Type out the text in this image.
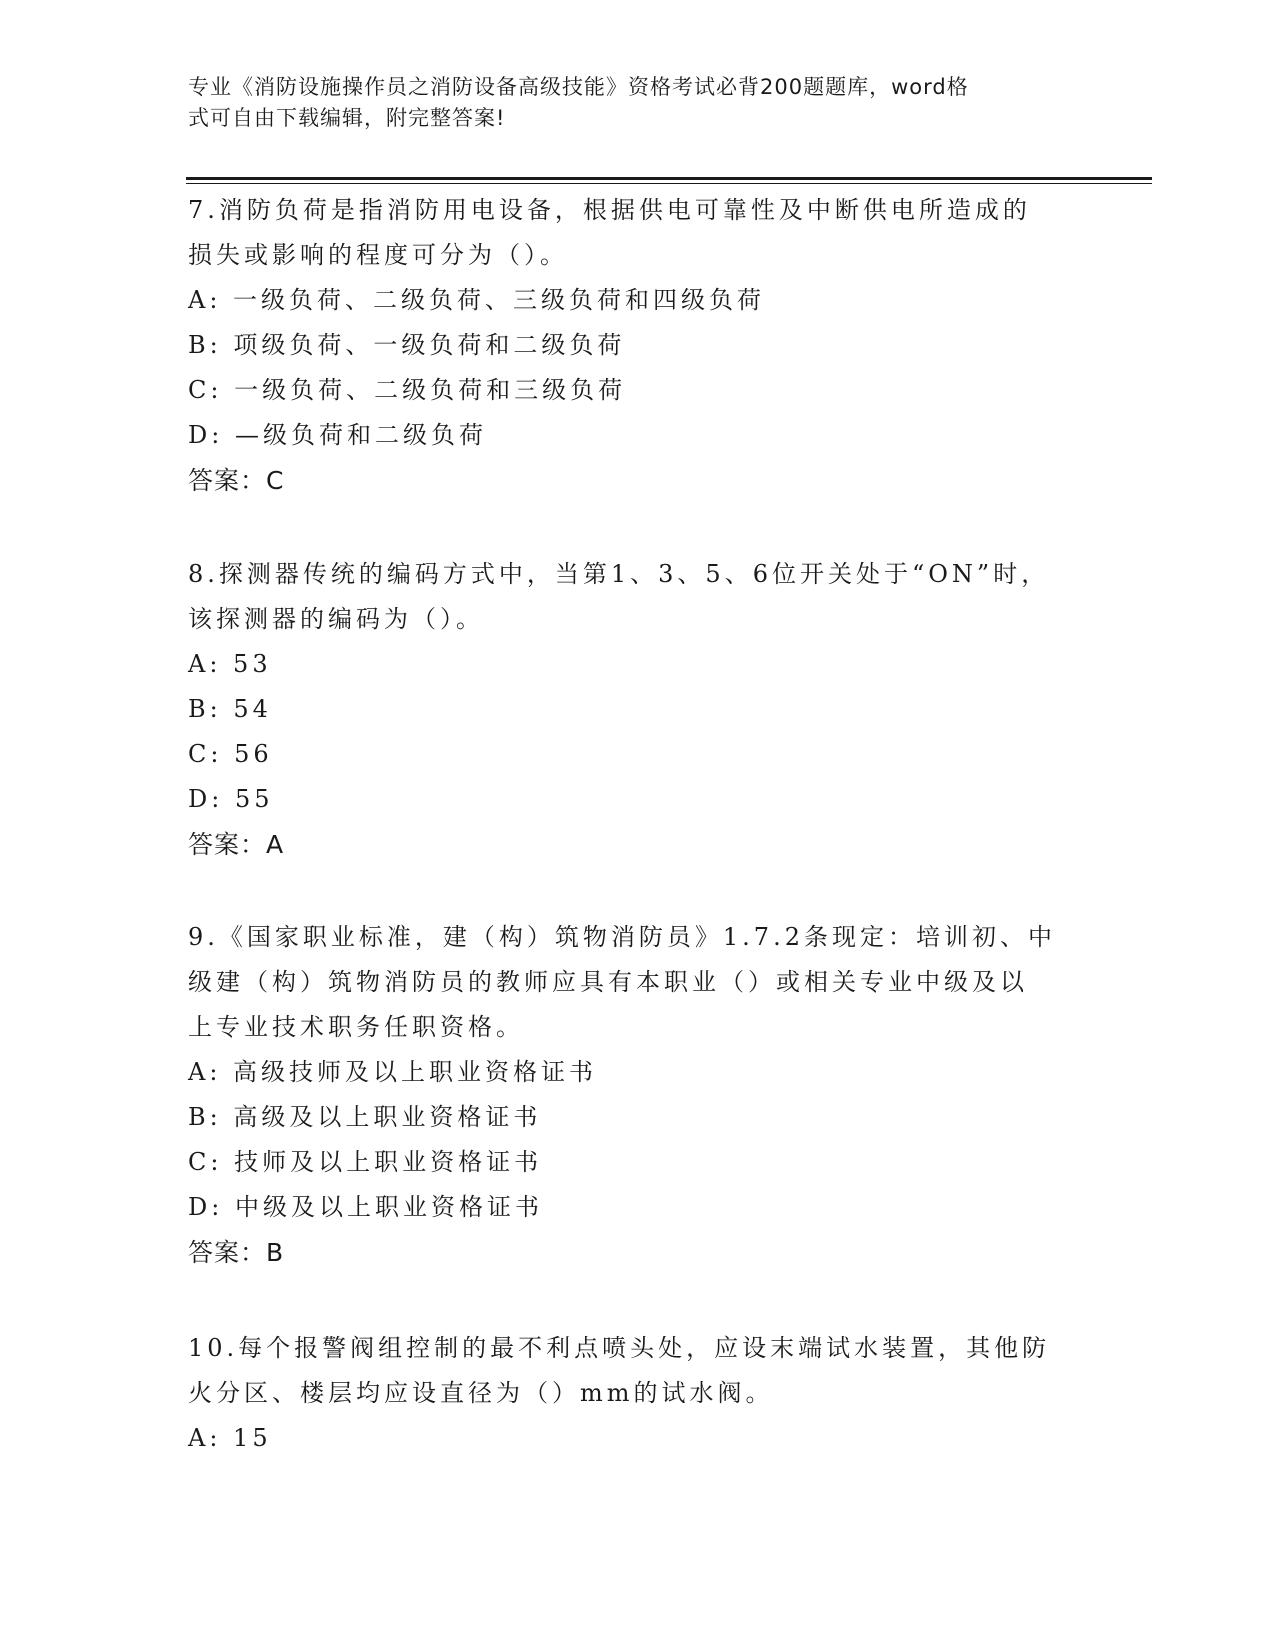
专业《消防设施操作员之消防设备高级技能》资格考试必背200题题库，word格
式可自由下载编辑，附完整答案!

7.消防负荷是指消防用电设备，根据供电可靠性及中断供电所造成的

损失或影响的程度可分为（）。

A: 一级负荷、二级负荷、三级负荷和四级负荷
B: 项级负荷、一级负荷和二级负荷
C: 一级负荷、二级负荷和三级负荷
D: —级负荷和二级负荷

答案：C

8.探测器传统的编码方式中，当第1、3、5、6位开关处于“ON”时，

该探测器的编码为（）。

A: 53
B: 54
C: 56
D: 55

答案：A

9.《国家职业标准，建（构）筑物消防员》1.7.2条现定：培训初、中

级建（构）筑物消防员的教师应具有本职业（）或相关专业中级及以

上专业技术职务任职资格。

A: 高级技师及以上职业资格证书
B: 高级及以上职业资格证书
C: 技师及以上职业资格证书
D: 中级及以上职业资格证书

答案：B

10.每个报警阀组控制的最不利点喷头处，应设末端试水装置，其他防

火分区、楼层均应设直径为（）mm的试水阀。

A: 15
